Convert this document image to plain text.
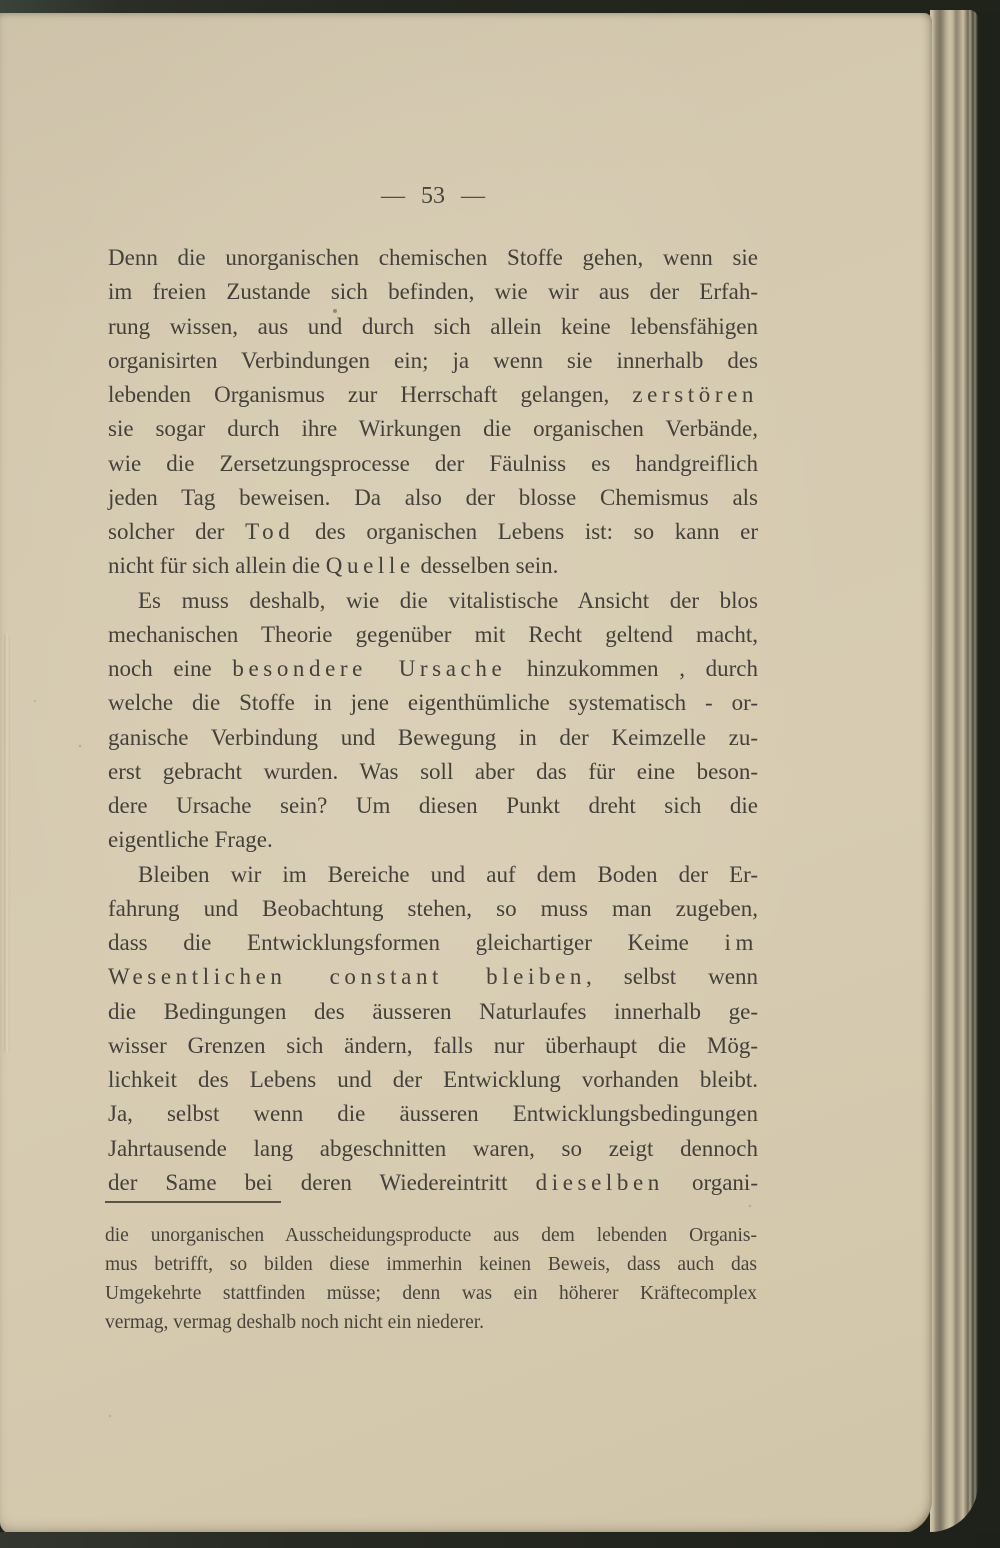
— 53 —
Denn die unorganischen chemischen Stoffe gehen, wenn sie
im freien Zustande sich befinden, wie wir aus der Erfah-
rung wissen, aus und durch sich allein keine lebensfähigen
organisirten Verbindungen ein; ja wenn sie innerhalb des
lebenden Organismus zur Herrschaft gelangen, zerstören
sie sogar durch ihre Wirkungen die organischen Verbände,
wie die Zersetzungsprocesse der Fäulniss es handgreiflich
jeden Tag beweisen. Da also der blosse Chemismus als
solcher der Tod des organischen Lebens ist: so kann er
nicht für sich allein die Quelle desselben sein.
Es muss deshalb, wie die vitalistische Ansicht der blos
mechanischen Theorie gegenüber mit Recht geltend macht,
noch eine besondere Ursache hinzukommen , durch
welche die Stoffe in jene eigenthümliche systematisch - or-
ganische Verbindung und Bewegung in der Keimzelle zu-
erst gebracht wurden. Was soll aber das für eine beson-
dere Ursache sein? Um diesen Punkt dreht sich die
eigentliche Frage.
Bleiben wir im Bereiche und auf dem Boden der Er-
fahrung und Beobachtung stehen, so muss man zugeben,
dass die Entwicklungsformen gleichartiger Keime im
Wesentlichen constant bleiben, selbst wenn
die Bedingungen des äusseren Naturlaufes innerhalb ge-
wisser Grenzen sich ändern, falls nur überhaupt die Mög-
lichkeit des Lebens und der Entwicklung vorhanden bleibt.
Ja, selbst wenn die äusseren Entwicklungsbedingungen
Jahrtausende lang abgeschnitten waren, so zeigt dennoch
der Same bei deren Wiedereintritt dieselben organi-
die unorganischen Ausscheidungsproducte aus dem lebenden Organis-
mus betrifft, so bilden diese immerhin keinen Beweis, dass auch das
Umgekehrte stattfinden müsse; denn was ein höherer Kräftecomplex
vermag, vermag deshalb noch nicht ein niederer.
